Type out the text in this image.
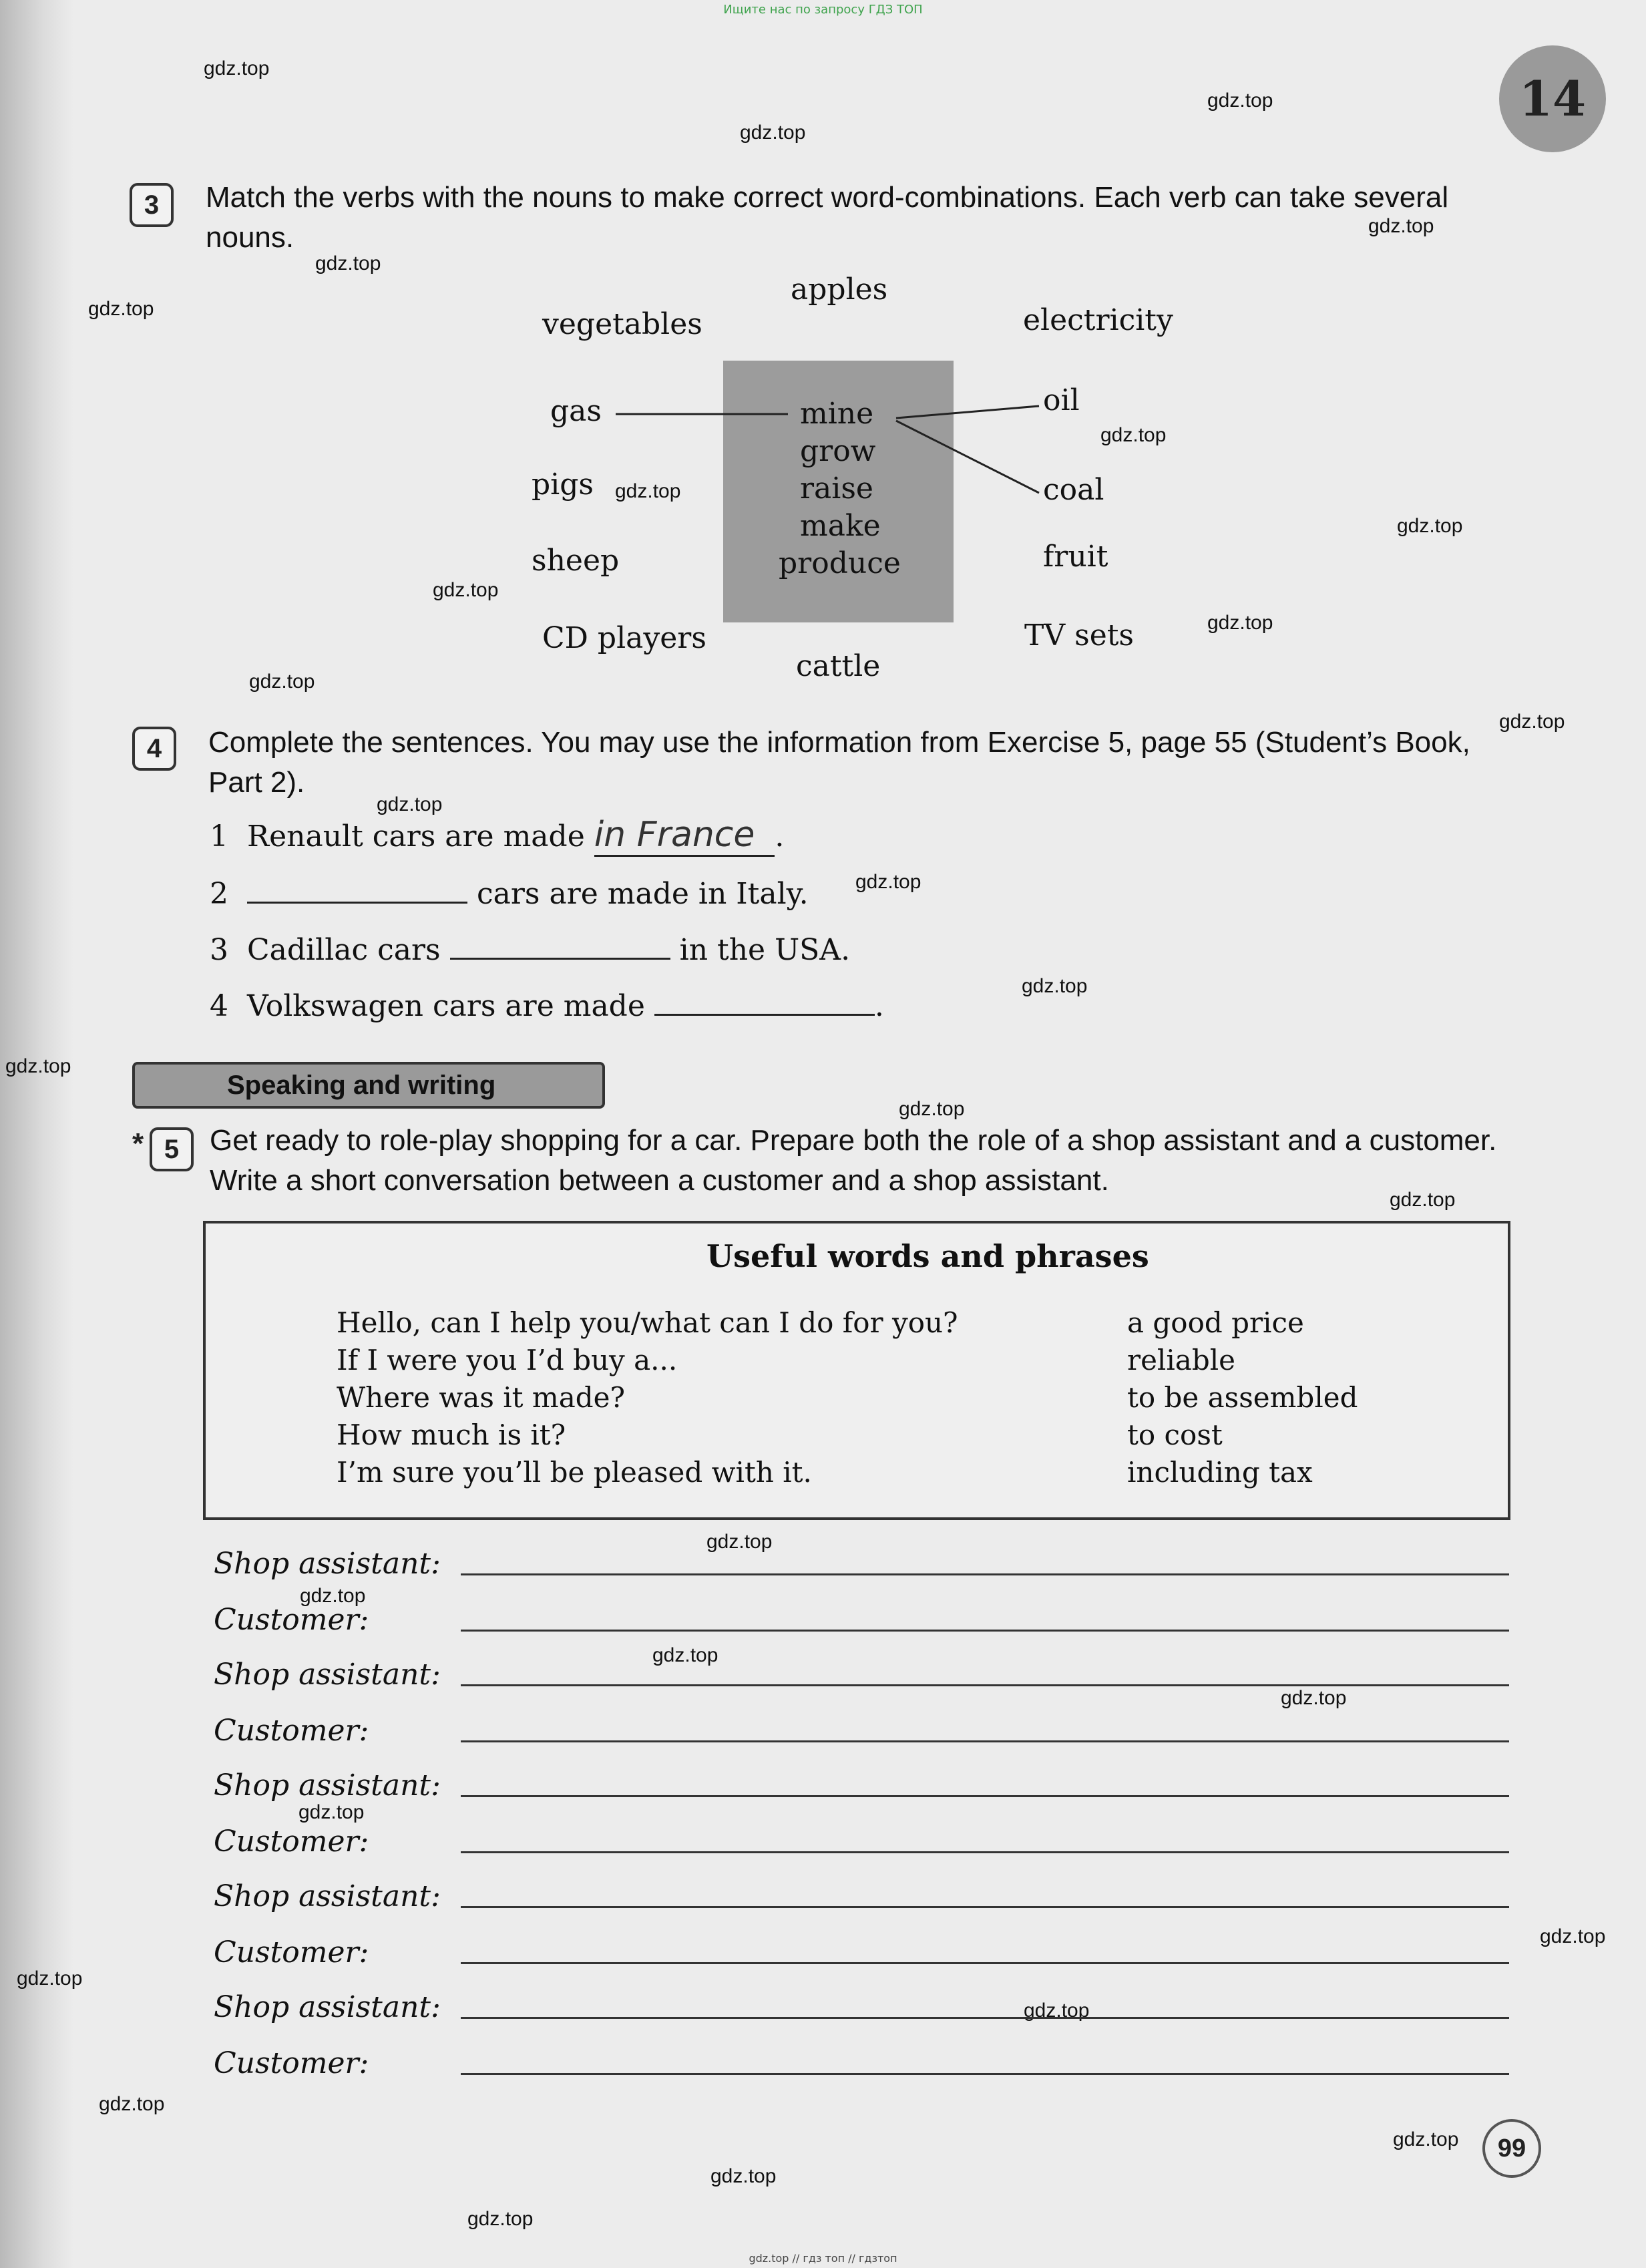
Ищите нас по запросу ГДЗ ТОП
14
gdz.top
gdz.top
gdz.top
gdz.top
gdz.top
gdz.top
gdz.top
gdz.top
gdz.top
gdz.top
gdz.top
gdz.top
gdz.top
gdz.top
gdz.top
gdz.top
gdz.top
gdz.top
gdz.top
gdz.top
gdz.top
gdz.top
gdz.top
gdz.top
gdz.top
gdz.top
gdz.top
gdz.top
gdz.top
gdz.top
gdz.top
3	Match the verbs with the nouns to make correct word-combinations. Each verb can take several nouns.
vegetables
apples
electricity
gas	oil
pigs	coal
sheep	fruit
CD players	TV sets
cattle
mine
grow
raise
make
produce
4	Complete the sentences. You may use the information from Exercise 5, page 55 (Student’s Book, Part 2).
1 Renault cars are made in France .
2	cars are made in Italy.
3 Cadillac cars	in the USA.
4 Volkswagen cars are made	.
Speaking and writing
* 5	Get ready to role-play shopping for a car. Prepare both the role of a shop assistant and a customer. Write a short conversation between a customer and a shop assistant.
Useful words and phrases
Hello, can I help you/what can I do for you?
If I were you I’d buy a...
Where was it made?
How much is it?
I’m sure you’ll be pleased with it.
a good price
reliable
to be assembled
to cost
including tax
Shop assistant:
Customer:
Shop assistant:
Customer:
Shop assistant:
Customer:
Shop assistant:
Customer:
Shop assistant:
Customer:
99
gdz.top // гдз топ // гдзтоп
